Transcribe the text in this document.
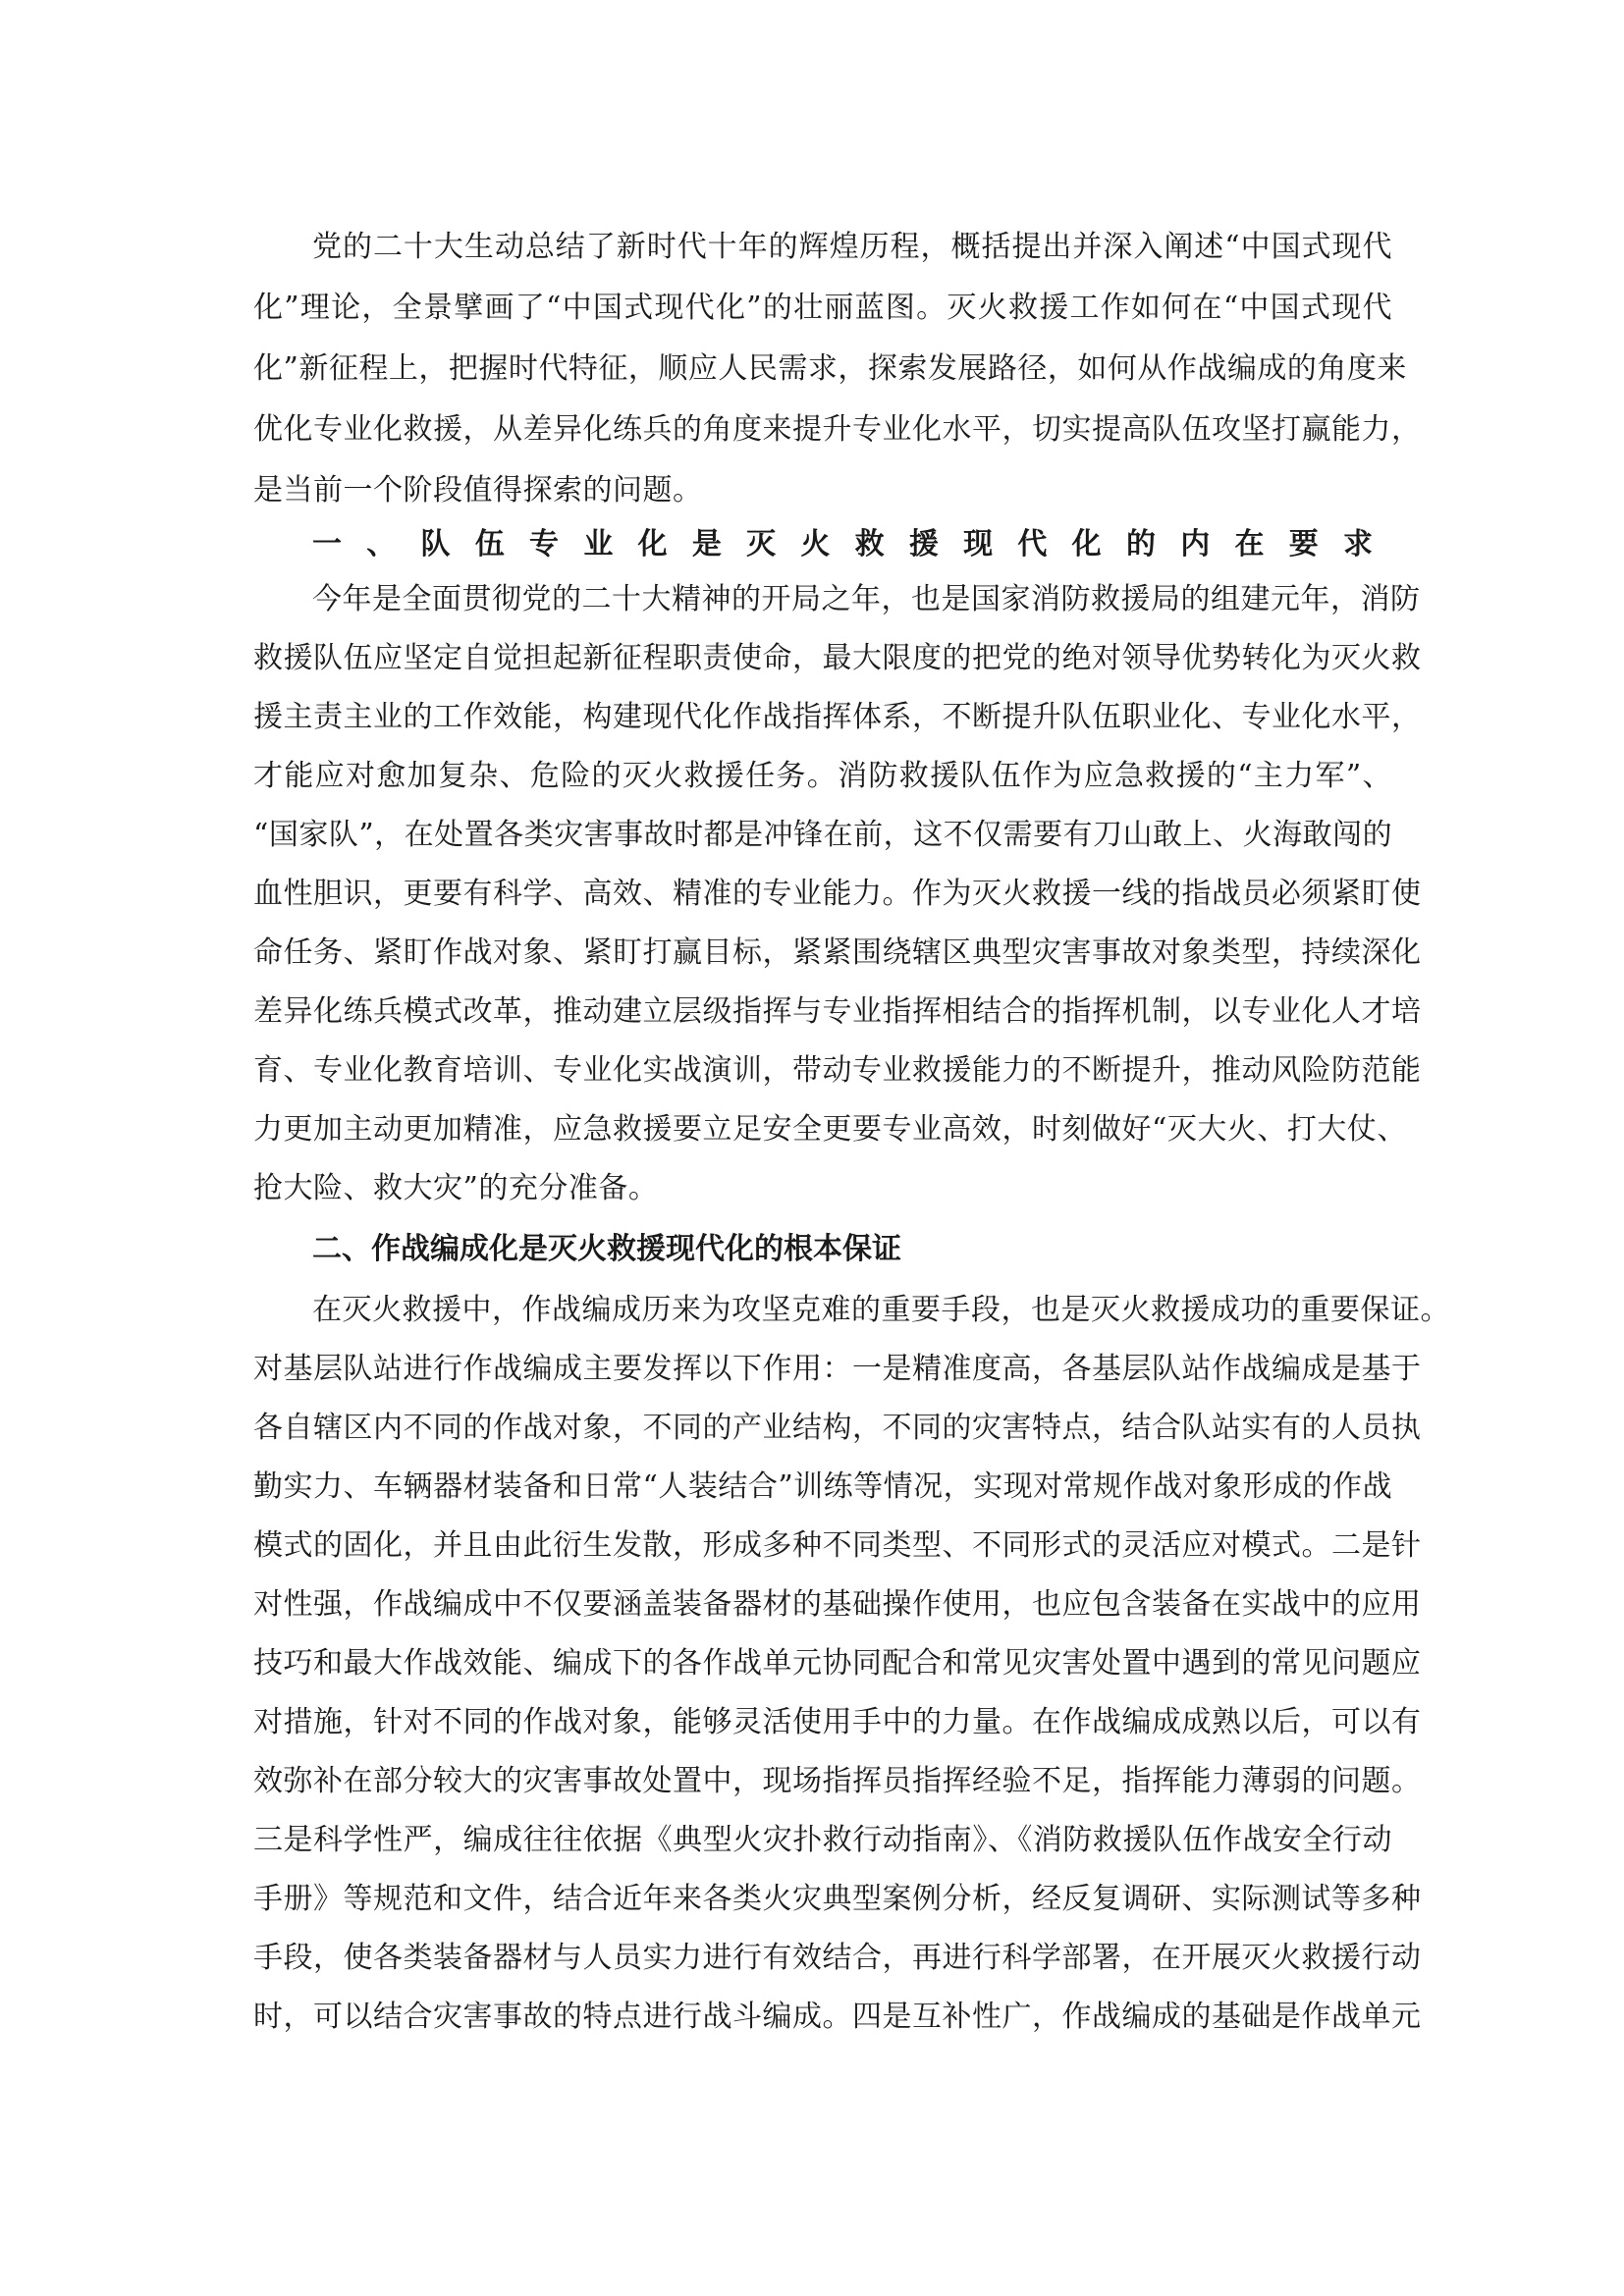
党的二十大生动总结了新时代十年的辉煌历程，概括提出并深入阐述“中国式现代
化”理论，全景擘画了“中国式现代化”的壮丽蓝图。灭火救援工作如何在“中国式现代
化”新征程上，把握时代特征，顺应人民需求，探索发展路径，如何从作战编成的角度来
优化专业化救援，从差异化练兵的角度来提升专业化水平，切实提高队伍攻坚打赢能力，
是当前一个阶段值得探索的问题。
一、队伍专业化是灭火救援现代化的内在要求
今年是全面贯彻党的二十大精神的开局之年，也是国家消防救援局的组建元年，消防
救援队伍应坚定自觉担起新征程职责使命，最大限度的把党的绝对领导优势转化为灭火救
援主责主业的工作效能，构建现代化作战指挥体系，不断提升队伍职业化、专业化水平，
才能应对愈加复杂、危险的灭火救援任务。消防救援队伍作为应急救援的“主力军”、
“国家队”，在处置各类灾害事故时都是冲锋在前，这不仅需要有刀山敢上、火海敢闯的
血性胆识，更要有科学、高效、精准的专业能力。作为灭火救援一线的指战员必须紧盯使
命任务、紧盯作战对象、紧盯打赢目标，紧紧围绕辖区典型灾害事故对象类型，持续深化
差异化练兵模式改革，推动建立层级指挥与专业指挥相结合的指挥机制，以专业化人才培
育、专业化教育培训、专业化实战演训，带动专业救援能力的不断提升，推动风险防范能
力更加主动更加精准，应急救援要立足安全更要专业高效，时刻做好“灭大火、打大仗、
抢大险、救大灾”的充分准备。
二、作战编成化是灭火救援现代化的根本保证
在灭火救援中，作战编成历来为攻坚克难的重要手段，也是灭火救援成功的重要保证。
对基层队站进行作战编成主要发挥以下作用：一是精准度高，各基层队站作战编成是基于
各自辖区内不同的作战对象，不同的产业结构，不同的灾害特点，结合队站实有的人员执
勤实力、车辆器材装备和日常“人装结合”训练等情况，实现对常规作战对象形成的作战
模式的固化，并且由此衍生发散，形成多种不同类型、不同形式的灵活应对模式。二是针
对性强，作战编成中不仅要涵盖装备器材的基础操作使用，也应包含装备在实战中的应用
技巧和最大作战效能、编成下的各作战单元协同配合和常见灾害处置中遇到的常见问题应
对措施，针对不同的作战对象，能够灵活使用手中的力量。在作战编成成熟以后，可以有
效弥补在部分较大的灾害事故处置中，现场指挥员指挥经验不足，指挥能力薄弱的问题。
三是科学性严，编成往往依据《典型火灾扑救行动指南》、《消防救援队伍作战安全行动
手册》等规范和文件，结合近年来各类火灾典型案例分析，经反复调研、实际测试等多种
手段，使各类装备器材与人员实力进行有效结合，再进行科学部署，在开展灭火救援行动
时，可以结合灾害事故的特点进行战斗编成。四是互补性广，作战编成的基础是作战单元
